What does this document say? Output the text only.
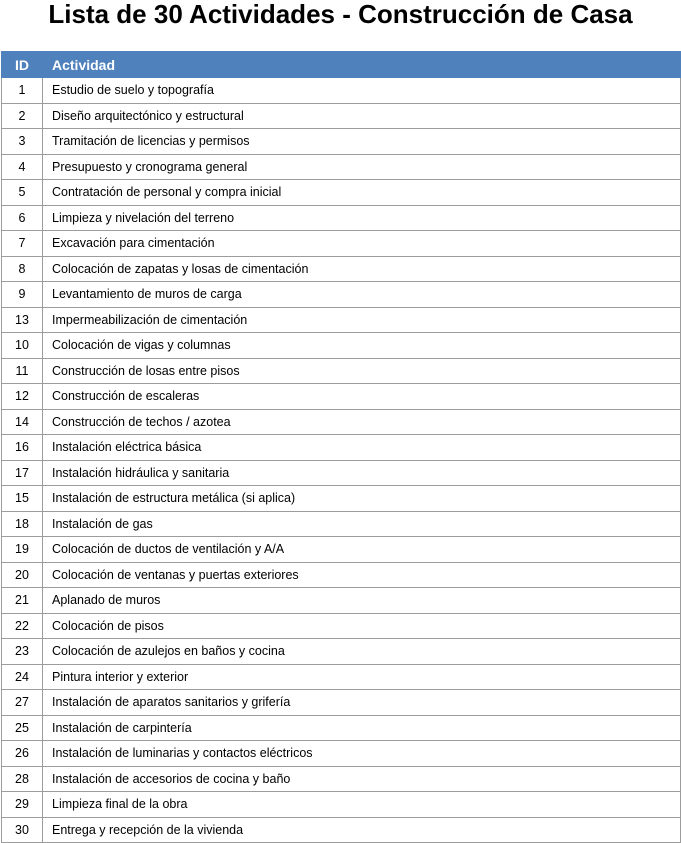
Lista de 30 Actividades - Construcción de Casa
ID	Actividad
1	Estudio de suelo y topografía
2	Diseño arquitectónico y estructural
3	Tramitación de licencias y permisos
4	Presupuesto y cronograma general
5	Contratación de personal y compra inicial
6	Limpieza y nivelación del terreno
7	Excavación para cimentación
8	Colocación de zapatas y losas de cimentación
9	Levantamiento de muros de carga
13	Impermeabilización de cimentación
10	Colocación de vigas y columnas
11	Construcción de losas entre pisos
12	Construcción de escaleras
14	Construcción de techos / azotea
16	Instalación eléctrica básica
17	Instalación hidráulica y sanitaria
15	Instalación de estructura metálica (si aplica)
18	Instalación de gas
19	Colocación de ductos de ventilación y A/A
20	Colocación de ventanas y puertas exteriores
21	Aplanado de muros
22	Colocación de pisos
23	Colocación de azulejos en baños y cocina
24	Pintura interior y exterior
27	Instalación de aparatos sanitarios y grifería
25	Instalación de carpintería
26	Instalación de luminarias y contactos eléctricos
28	Instalación de accesorios de cocina y baño
29	Limpieza final de la obra
30	Entrega y recepción de la vivienda
